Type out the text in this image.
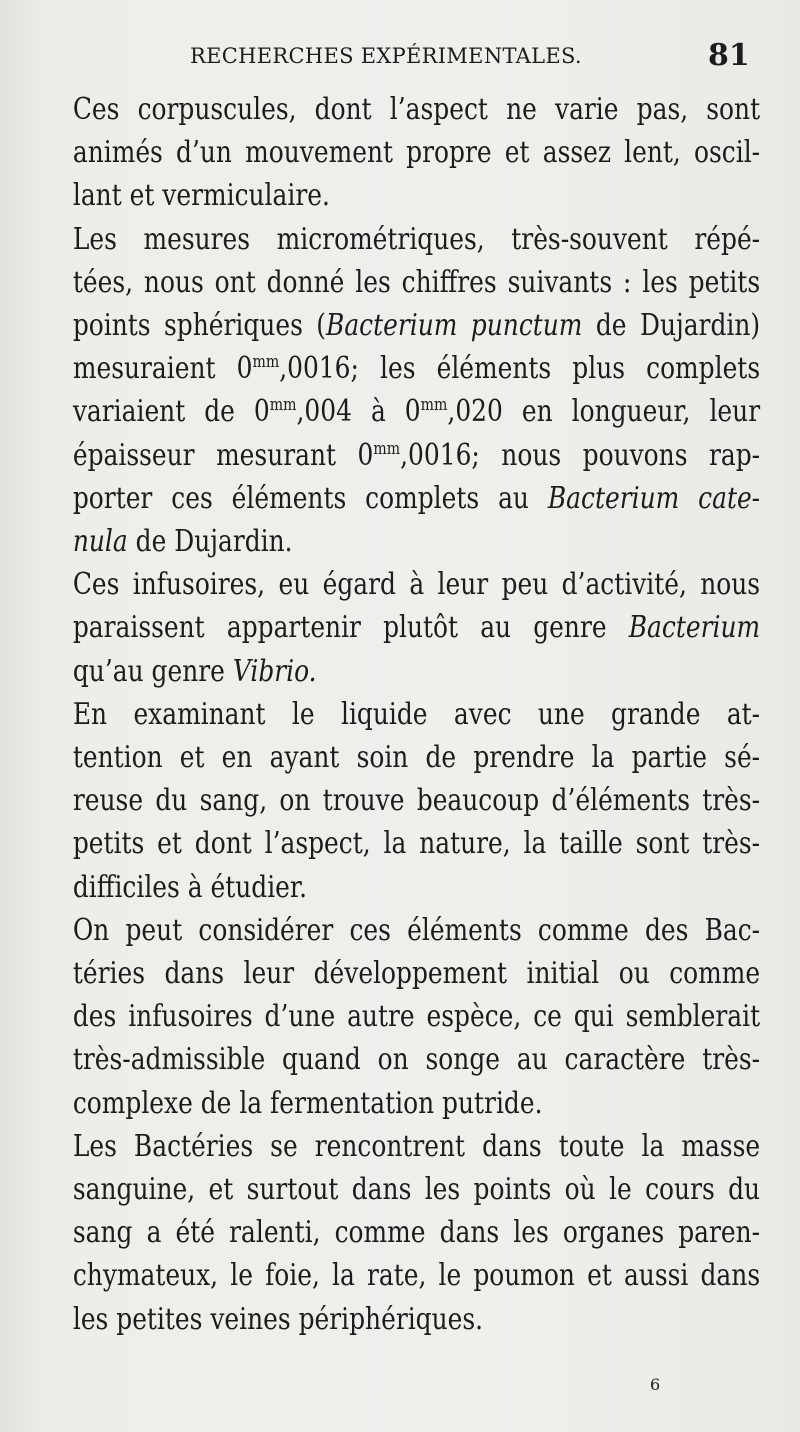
RECHERCHES EXPÉRIMENTALES.	81

Ces corpuscules, dont l’aspect ne varie pas, sont
animés d’un mouvement propre et assez lent, oscil-
lant et vermiculaire.

Les mesures micrométriques, très-souvent répé-
tées, nous ont donné les chiffres suivants : les petits
points sphériques (Bacterium punctum de Dujardin)
mesuraient $0^{mm},0016$; les éléments plus complets
variaient de $0^{mm},004$ à $0^{mm},020$ en longueur, leur
épaisseur mesurant $0^{mm},0016$; nous pouvons rap-
porter ces éléments complets au Bacterium cate-
nula de Dujardin.

Ces infusoires, eu égard à leur peu d’activité, nous
paraissent appartenir plutôt au genre Bacterium
qu’au genre Vibrio.

En examinant le liquide avec une grande at-
tention et en ayant soin de prendre la partie sé-
reuse du sang, on trouve beaucoup d’éléments très-
petits et dont l’aspect, la nature, la taille sont très-
difficiles à étudier.

On peut considérer ces éléments comme des Bac-
téries dans leur développement initial ou comme
des infusoires d’une autre espèce, ce qui semblerait
très-admissible quand on songe au caractère très-
complexe de la fermentation putride.

Les Bactéries se rencontrent dans toute la masse
sanguine, et surtout dans les points où le cours du
sang a été ralenti, comme dans les organes paren-
chymateux, le foie, la rate, le poumon et aussi dans
les petites veines périphériques.

6
